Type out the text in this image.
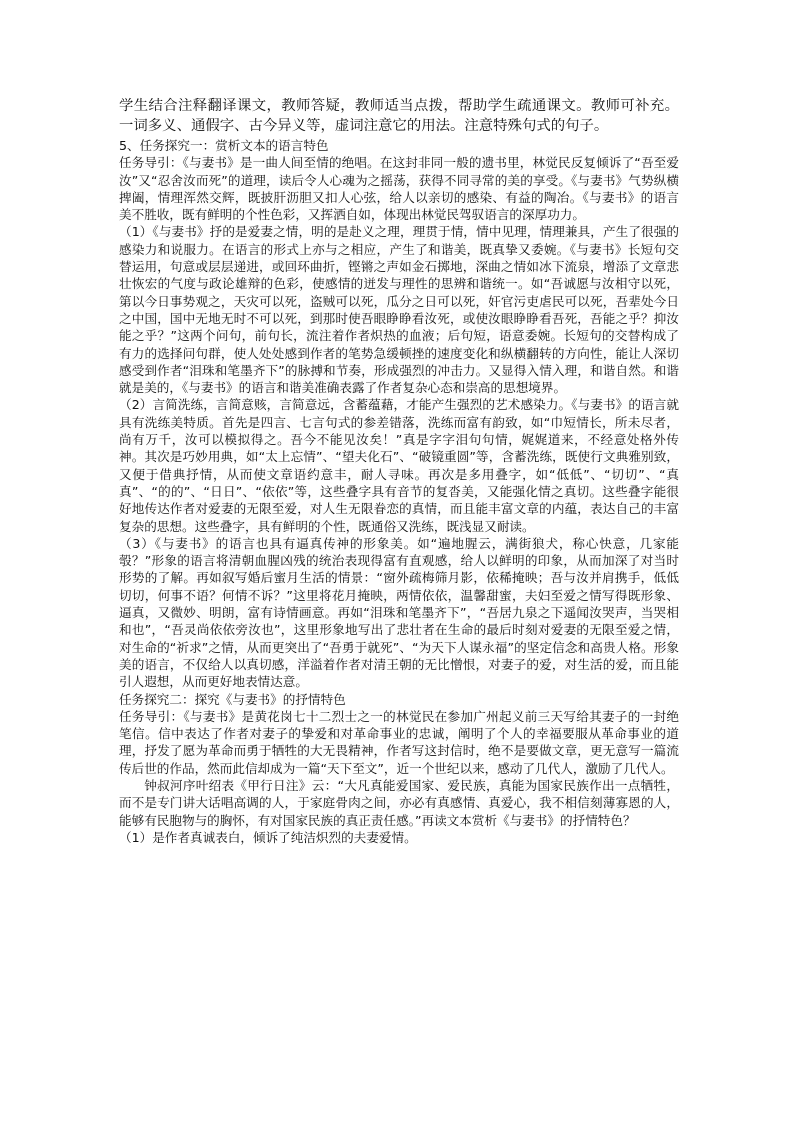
学生结合注释翻译课文，教师答疑，教师适当点拨，帮助学生疏通课文。教师可补充。一词多义、通假字、古今异义等，虚词注意它的用法。注意特殊句式的句子。

5、任务探究一：赏析文本的语言特色

任务导引：《与妻书》是一曲人间至情的绝唱。在这封非同一般的遗书里，林觉民反复倾诉了“吾至爱汝”又“忍舍汝而死”的道理，读后令人心魂为之摇荡，获得不同寻常的美的享受。《与妻书》气势纵横捭阖，情理浑然交辉，既披肝沥胆又扣人心弦，给人以亲切的感染、有益的陶冶。《与妻书》的语言美不胜收，既有鲜明的个性色彩，又挥洒自如，体现出林觉民驾驭语言的深厚功力。

（1）《与妻书》抒的是爱妻之情，明的是赴义之理，理贯于情，情中见理，情理兼具，产生了很强的感染力和说服力。在语言的形式上亦与之相应，产生了和谐美，既真挚又委婉。《与妻书》长短句交替运用，句意或层层递进，或回环曲折，铿锵之声如金石掷地，深曲之情如冰下流泉，增添了文章悲壮恢宏的气度与政论雄辩的色彩，使感情的迸发与理性的思辨和谐统一。如“吾诚愿与汝相守以死，第以今日事势观之，天灾可以死，盗贼可以死，瓜分之日可以死，奸官污吏虐民可以死，吾辈处今日之中国，国中无地无时不可以死，到那时使吾眼睁睁看汝死，或使汝眼睁睁看吾死，吾能之乎？抑汝能之乎？”这两个问句，前句长，流注着作者炽热的血液；后句短，语意委婉。长短句的交替构成了有力的选择问句群，使人处处感到作者的笔势急缓顿挫的速度变化和纵横翻转的方向性，能让人深切感受到作者“泪珠和笔墨齐下”的脉搏和节奏，形成强烈的冲击力。又显得入情入理，和谐自然。和谐就是美的，《与妻书》的语言和谐美准确表露了作者复杂心态和崇高的思想境界。

（2）言简洗练，言简意赅，言简意远，含蓄蕴藉，才能产生强烈的艺术感染力。《与妻书》的语言就具有洗练美特质。首先是四言、七言句式的参差错落，洗练而富有韵致，如“巾短情长，所未尽者，尚有万千，汝可以模拟得之。吾今不能见汝矣！”真是字字泪句句情，娓娓道来，不经意处格外传神。其次是巧妙用典，如“太上忘情”、“望夫化石”、“破镜重圆”等，含蓄洗练，既使行文典雅别致，又便于借典抒情，从而使文章语约意丰，耐人寻味。再次是多用叠字，如“低低”、“切切”、“真真”、“的的”、“日日”、“依依”等，这些叠字具有音节的复沓美，又能强化情之真切。这些叠字能很好地传达作者对爱妻的无限至爱，对人生无限眷恋的真情，而且能丰富文章的内蕴，表达自己的丰富复杂的思想。这些叠字，具有鲜明的个性，既通俗又洗练，既浅显又耐读。

（3）《与妻书》的语言也具有逼真传神的形象美。如“遍地腥云，满街狼犬，称心快意，几家能彀？”形象的语言将清朝血腥凶残的统治表现得富有直观感，给人以鲜明的印象，从而加深了对当时形势的了解。再如叙写婚后蜜月生活的情景：“窗外疏梅筛月影，依稀掩映；吾与汝并肩携手，低低切切，何事不语？何情不诉？”这里将花月掩映，两情依依，温馨甜蜜，夫妇至爱之情写得既形象、逼真，又微妙、明朗，富有诗情画意。再如“泪珠和笔墨齐下”，“吾居九泉之下遥闻汝哭声，当哭相和也”，“吾灵尚依依旁汝也”，这里形象地写出了悲壮者在生命的最后时刻对爱妻的无限至爱之情，对生命的“祈求”之情，从而更突出了“吾勇于就死”、“为天下人谋永福”的坚定信念和高贵人格。形象美的语言，不仅给人以真切感，洋溢着作者对清王朝的无比憎恨，对妻子的爱，对生活的爱，而且能引人遐想，从而更好地表情达意。

任务探究二：探究《与妻书》的抒情特色

任务导引：《与妻书》是黄花岗七十二烈士之一的林觉民在参加广州起义前三天写给其妻子的一封绝笔信。信中表达了作者对妻子的挚爱和对革命事业的忠诚，阐明了个人的幸福要服从革命事业的道理，抒发了愿为革命而勇于牺牲的大无畏精神，作者写这封信时，绝不是要做文章，更无意写一篇流传后世的作品，然而此信却成为一篇“天下至文”，近一个世纪以来，感动了几代人，激励了几代人。

钟叔河序叶绍表《甲行日注》云：“大凡真能爱国家、爱民族，真能为国家民族作出一点牺牲，而不是专门讲大话唱高调的人，于家庭骨肉之间，亦必有真感情、真爱心，我不相信刻薄寡恩的人，能够有民胞物与的胸怀，有对国家民族的真正责任感。”再读文本赏析《与妻书》的抒情特色？

（1）是作者真诚表白，倾诉了纯洁炽烈的夫妻爱情。
